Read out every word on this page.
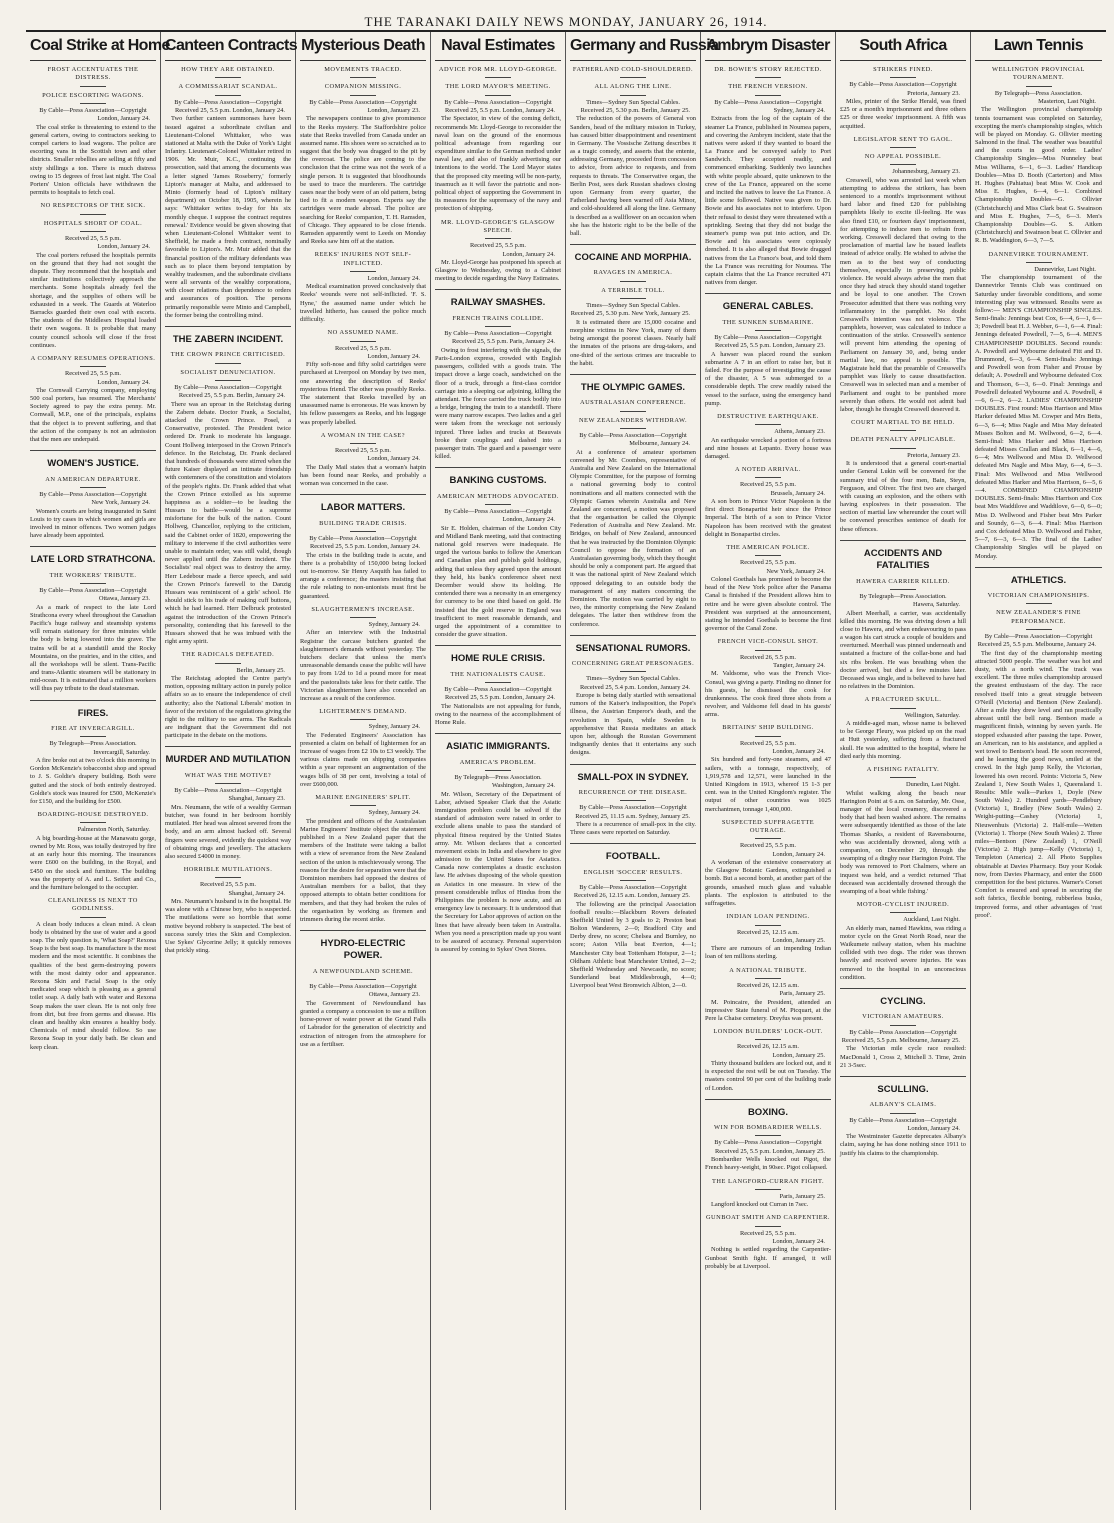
THE TARANAKI DAILY NEWS MONDAY, JANUARY 26, 1914.
Coal Strike at Home
FROST ACCENTUATES THE DISTRESS.
POLICE ESCORTING WAGONS.
By Cable—Press Association—Copyright
London, January 24.
The coal strike is threatening to extend to the general carters, owing to contractors seeking to compel carters to load wagons. The police are escorting vans in the Scottish town and other districts. Smaller rebellies are selling at fifty and sixty shillings a ton. There is much distress owing to 15 degrees of frost last night. The Coal Porters' Union officials have withdrawn the permits to hospitals to fetch coal.
NO RESPECTORS OF THE SICK.
HOSPITALS SHORT OF COAL.
Received 25, 5.5 p.m.
London, January 24.
The coal porters refused the hospitals permits on the ground that they had not sought the dispute. They recommend that the hospitals and similar institutions collectively approach the merchants. Some hospitals already feel the shortage, and the supplies of others will be exhausted in a week. The Guards at Waterloo Barracks guarded their own coal with escorts. The students of the Middlesex Hospital loaded their own wagons. It is probable that many county council schools will close if the frost continues.
A COMPANY RESUMES OPERATIONS.
Received 25, 5.5 p.m.
London, January 24.
The Cornwall Carrying company, employing 500 coal porters, has resumed. The Merchants' Society agreed to pay the extra penny. Mr. Cornwall, M.P., one of the principals, explains that the object is to prevent suffering, and that the action of the company is not an admission that the men are underpaid.
WOMEN'S JUSTICE.
AN AMERICAN DEPARTURE.
By Cable—Press Association—Copyright
New York, January 24.
Women's courts are being inaugurated in Saint Louis to try cases in which women and girls are involved in minor offences. Two women judges have already been appointed.
LATE LORD STRATHCONA.
THE WORKERS' TRIBUTE.
By Cable—Press Association—Copyright
Ottawa, January 23.
As a mark of respect to the late Lord Strathcona every wheel throughout the Canadian Pacific's huge railway and steamship systems will remain stationary for three minutes while the body is being lowered into the grave. The trains will be at a standstill amid the Rocky Mountains, on the prairies, and in the cities, and all the workshops will be silent. Trans-Pacific and trans-Atlantic steamers will be stationary in mid-ocean. It is estimated that a million workers will thus pay tribute to the dead statesman.
FIRES.
FIRE AT INVERCARGILL.
By Telegraph—Press Association.
Invercargill, Saturday.
A fire broke out at two o'clock this morning in Gordon McKenzie's tobacconist shop and spread to J. S. Goldie's drapery building. Both were gutted and the stock of both entirely destroyed. Goldie's stock was insured for £500, McKenzie's for £150, and the building for £500.
BOARDING-HOUSE DESTROYED.
Palmerston North, Saturday.
A big boarding-house at the Manawatu gorge, owned by Mr. Ross, was totally destroyed by fire at an early hour this morning. The insurances were £600 on the building, in the Royal, and £450 on the stock and furniture. The building was the property of A. and L. Seifert and Co., and the furniture belonged to the occupier.
CLEANLINESS IS NEXT TO GODLINESS.
A clean body induces a clean mind. A clean body is obtained by the use of water and a good soap. The only question is, 'What Soap?' Rexona Soap is the best soap. Its manufacture is the most modern and the most scientific. It combines the qualities of the best germ-destroying powers with the most dainty odor and appearance. Rexona Skin and Facial Soap is the only medicated soap which is pleasing as a general toilet soap. A daily bath with water and Rexona Soap makes the user clean. He is not only free from dirt, but free from germs and disease. His clean and healthy skin ensures a healthy body. Chemicals of mind should follow. So use Rexona Soap in your daily bath. Be clean and keep clean.
Canteen Contracts
HOW THEY ARE OBTAINED.
A COMMISSARIAT SCANDAL.
By Cable—Press Association—Copyright
Received 25, 5.5 p.m. London, January 24.
Two further canteen summonses have been issued against a subordinate civilian and Lieutenant-Colonel Whittaker, who was stationed at Malta with the Duke of York's Light Infantry. Lieutenant-Colonel Whittaker retired in 1906. Mr. Muir, K.C., continuing the prosecution, said that among the documents was a letter signed 'James Roseberry,' formerly Lipton's manager at Malta, and addressed to Minto (formerly head of Lipton's military department) on October 18, 1905, wherein he says: 'Whittaker writes to-day for his six monthly cheque. I suppose the contract requires renewal.' Evidence would be given showing that when Lieutenant-Colonel Whittaker went to Sheffield, he made a fresh contract, nominally favorable to Lipton's. Mr. Muir added that the financial position of the military defendants was such as to place them beyond temptation by wealthy tradesmen, and the subordinate civilians were all servants of the wealthy corporations, with closer relations than dependence to orders and assurances of position. The persons primarily responsible were Minto and Campbell, the former being the controlling mind.
THE ZABERN INCIDENT.
THE CROWN PRINCE CRITICISED.
SOCIALIST DENUNCIATION.
By Cable—Press Association—Copyright
Received 25, 5.5 p.m. Berlin, January 24.
There was an uproar in the Reichstag during the Zabern debate. Doctor Frank, a Socialist, attacked the Crown Prince. Posel, a Conservative, protested. The President twice ordered Dr. Frank to moderate his language. Count Hollweg interposed in the Crown Prince's defence. In the Reichstag, Dr. Frank declared that hundreds of thousands were stirred when the future Kaiser displayed an intimate friendship with contemners of the constitution and violators of the people's rights. Dr. Frank added that what the Crown Prince extolled as his supreme happiness as a soldier—to be leading the Hussars to battle—would be a supreme misfortune for the bulk of the nation. Count Hollweg, Chancellor, replying to the criticism, said the Cabinet order of 1820, empowering the military to intervene if the civil authorities were unable to maintain order, was still valid, though never applied until the Zabern incident. The Socialists' real object was to destroy the army. Herr Ledebour made a fierce speech, and said the Crown Prince's farewell to the Danzig Hussars was reminiscent of a girls' school. He should stick to his trade of making cuff buttons, which he had learned. Herr Delbruck protested against the introduction of the Crown Prince's personality, contending that his farewell to the Hussars showed that he was imbued with the right army spirit.
THE RADICALS DEFEATED.
Berlin, January 25.
The Reichstag adopted the Centre party's motion, opposing military action in purely police affairs so as to ensure the independence of civil authority; also the National Liberals' motion in favor of the revision of the regulations giving the right to the military to use arms. The Radicals are indignant that the Government did not participate in the debate on the motions.
MURDER AND MUTILATION
WHAT WAS THE MOTIVE?
By Cable—Press Association—Copyright
Shanghai, January 23.
Mrs. Neumann, the wife of a wealthy German butcher, was found in her bedroom horribly mutilated. Her head was almost severed from the body, and an arm almost hacked off. Several fingers were severed, evidently the quickest way of obtaining rings and jewellery. The attackers also secured £4000 in money.
HORRIBLE MUTILATIONS.
Received 25, 5.5 p.m.
Shanghai, January 24.
Mrs. Neumann's husband is in the hospital. He was alone with a Chinese boy, who is suspected. The mutilations were so horrible that some motive beyond robbery is suspected. The best of success surely tries the Skin and Complexion. Use Sykes' Glycerine Jelly; it quickly removes that prickly sting.
Mysterious Death
MOVEMENTS TRACED.
COMPANION MISSING.
By Cable—Press Association—Copyright
London, January 23.
The newspapers continue to give prominence to the Reeks mystery. The Staffordshire police state that Reeks travelled from Canada under an assumed name. His shoes were so scratched as to suggest that the body was dragged to the pit by the overcoat. The police are coming to the conclusion that the crime was not the work of a single person. It is suggested that bloodhounds be used to trace the murderers. The cartridge cases near the body were of an old pattern, being tied to fit a modern weapon. Experts say the cartridges were made abroad. The police are searching for Reeks' companion, T. H. Ramsden, of Chicago. They appeared to be close friends. Ramsden apparently went to Leeds on Monday and Reeks saw him off at the station.
REEKS' INJURIES NOT SELF-INFLICTED.
London, January 24.
Medical examination proved conclusively that Reeks' wounds were not self-inflicted. 'F. S. Hyne,' the assumed name under which he travelled hitherto, has caused the police much difficulty.
NO ASSUMED NAME.
Received 25, 5.5 p.m.
London, January 24.
Fifty soft-nose and fifty solid cartridges were purchased at Liverpool on Monday by two men, one answering the description of Reeks' mysterious friend. The other was possibly Reeks. The statement that Reeks travelled by an unassumed name is erroneous. He was known by his fellow passengers as Reeks, and his luggage was properly labelled.
A WOMAN IN THE CASE?
Received 25, 5.5 p.m.
London, January 24.
The Daily Mail states that a woman's hatpin has been found near Reeks, and probably a woman was concerned in the case.
LABOR MATTERS.
BUILDING TRADE CRISIS.
By Cable—Press Association—Copyright
Received 25, 5.5 p.m. London, January 24.
The crisis in the building trade is acute, and there is a probability of 150,000 being locked out to-morrow. Sir Henry Asquith has failed to arrange a conference; the masters insisting that the rule relating to non-unionists must first be guaranteed.
SLAUGHTERMEN'S INCREASE.
Sydney, January 24.
After an interview with the Industrial Registrar the carcase butchers granted the slaughtermen's demands without yesterday. The butchers declare that unless the men's unreasonable demands cease the public will have to pay from 1/2d to 1d a pound more for meat and the pastoralists take less for their cattle. The Victorian slaughtermen have also conceded an increase as a result of the conference.
LIGHTERMEN'S DEMAND.
Sydney, January 24.
The Federated Engineers' Association has presented a claim on behalf of lightermen for an increase of wages from £2 10s to £3 weekly. The various claims made on shipping companies within a year represent an augmentation of the wages bills of 38 per cent, involving a total of over £600,000.
MARINE ENGINEERS' SPLIT.
Sydney, January 24.
The president and officers of the Australasian Marine Engineers' Institute object the statement published in a New Zealand paper that the members of the Institute were taking a ballot with a view of severance from the New Zealand section of the union is mischievously wrong. The reasons for the desire for separation were that the Dominion members had opposed the desires of Australian members for a ballot, that they opposed attempts to obtain better conditions for members, and that they had broken the rules of the organisation by working as firemen and trimmers during the recent strike.
HYDRO-ELECTRIC POWER.
A NEWFOUNDLAND SCHEME.
By Cable—Press Association—Copyright
Ottawa, January 23.
The Government of Newfoundland has granted a company a concession to use a million horse-power of water power at the Grand Falls of Labrador for the generation of electricity and extraction of nitrogen from the atmosphere for use as a fertiliser.
Naval Estimates
ADVICE FOR MR. LLOYD-GEORGE.
THE LORD MAYOR'S MEETING.
By Cable—Press Association—Copyright
Received 25, 5.5 p.m. London, January 24.
The Spectator, in view of the coming deficit, recommends Mr. Lloyd-George to reconsider the naval loan on the ground of the enormous political advantage from regarding our expenditure similar to the German method under naval law, and also of frankly advertising our intentions to the world. The Lord Mayor states that the proposed city meeting will be non-party, inasmuch as it will favor the patriotic and non-political object of supporting the Government in its measures for the supremacy of the navy and protection of shipping.
MR. LLOYD-GEORGE'S GLASGOW SPEECH.
Received 25, 5.5 p.m.
London, January 24.
Mr. Lloyd-George has postponed his speech at Glasgow to Wednesday, owing to a Cabinet meeting to decide regarding the Navy Estimates.
RAILWAY SMASHES.
FRENCH TRAINS COLLIDE.
By Cable—Press Association—Copyright
Received 25, 5.5 p.m. Paris, January 24.
Owing to frost interfering with the signals, the Paris-London express, crowded with English passengers, collided with a goods train. The impact drove a large coach, sandwiched on the floor of a truck, through a first-class corridor carriage into a sleeping car adjoining, killing the attendant. The force carried the truck bodily into a bridge, bringing the train to a standstill. There were many narrow escapes. Two ladies and a girl were taken from the wreckage not seriously injured. Three ladies and trucks at Beauvais broke their couplings and dashed into a passenger train. The guard and a passenger were killed.
BANKING CUSTOMS.
AMERICAN METHODS ADVOCATED.
By Cable—Press Association—Copyright
London, January 24.
Sir E. Holden, chairman of the London City and Midland Bank meeting, said that contracting national gold reserves were inadequate. He urged the various banks to follow the American and Canadian plan and publish gold holdings, adding that unless they agreed upon the amount they held, his bank's conference sheet next December would show its holding. He contended there was a necessity in an emergency for currency to be one third based on gold. He insisted that the gold reserve in England was insufficient to meet reasonable demands, and urged the appointment of a committee to consider the grave situation.
HOME RULE CRISIS.
THE NATIONALISTS CAUSE.
By Cable—Press Association—Copyright
Received 25, 5.5 p.m. London, January 24.
The Nationalists are not appealing for funds, owing to the nearness of the accomplishment of Home Rule.
ASIATIC IMMIGRANTS.
AMERICA'S PROBLEM.
By Telegraph—Press Association.
Washington, January 24.
Mr. Wilson, Secretary of the Department of Labor, advised Speaker Clark that the Asiatic immigration problem could be solved if the standard of admission were raised in order to exclude aliens unable to pass the standard of physical fitness required by the United States army. Mr. Wilson declares that a concerted movement exists in India and elsewhere to give admission to the United States for Asiatics. Canada now contemplates a drastic exclusion law. He advises disposing of the whole question as Asiatics in one measure. In view of the present considerable influx of Hindus from the Philippines the problem is now acute, and an emergency law is necessary. It is understood that the Secretary for Labor approves of action on the lines that have already been taken in Australia. When you need a prescription made up you want to be assured of accuracy. Personal supervision is assured by coming to Sykes' Own Stores.
Germany and Russia
FATHERLAND COLD-SHOULDERED.
ALL ALONG THE LINE.
Times—Sydney Sun Special Cables.
Received 25, 5.30 p.m. Berlin, January 25.
The reduction of the powers of General von Sanders, head of the military mission in Turkey, has caused bitter disappointment and resentment in Germany. The Vossische Zeitung describes it as a tragic comedy, and asserts that the entente, addressing Germany, proceeded from concession to advice, from advice to requests, and from requests to threats. The Conservative organ, the Berlin Post, sees dark Russian shadows closing upon Germany from every quarter, the Fatherland having been warned off Asia Minor, and cold-shouldered all along the line. Germany is described as a wallflower on an occasion when she has the historic right to be the belle of the ball.
COCAINE AND MORPHIA.
RAVAGES IN AMERICA.
A TERRIBLE TOLL.
Times—Sydney Sun Special Cables.
Received 25, 5.30 p.m. New York, January 25.
It is estimated there are 15,000 cocaine and morphine victims in New York, many of them being amongst the poorest classes. Nearly half the inmates of the prisons are drug-takers, and one-third of the serious crimes are traceable to the habit.
THE OLYMPIC GAMES.
AUSTRALASIAN CONFERENCE.
NEW ZEALANDERS WITHDRAW.
By Cable—Press Association—Copyright
Melbourne, January 24.
At a conference of amateur sportsmen convened by Mr. Coombes, representative of Australia and New Zealand on the International Olympic Committee, for the purpose of forming a national governing body to control nominations and all matters connected with the Olympic Games wherein Australia and New Zealand are concerned, a motion was proposed that the organisation be called the Olympic Federation of Australia and New Zealand. Mr. Bridges, on behalf of New Zealand, announced that he was instructed by the Dominion Olympic Council to oppose the formation of an Australasian governing body, which they thought should be only a component part. He argued that it was the national spirit of New Zealand which opposed delegating to an outside body the management of any matters concerning the Dominion. The motion was carried by eight to two, the minority comprising the New Zealand delegates. The latter then withdrew from the conference.
SENSATIONAL RUMORS.
CONCERNING GREAT PERSONAGES.
Times—Sydney Sun Special Cables.
Received 25, 5.4 p.m. London, January 24.
Europe is being daily startled with sensational rumors of the Kaiser's indisposition, the Pope's illness, the Austrian Emperor's death, and the revolution in Spain, while Sweden is apprehensive that Russia meditates an attack upon her, although the Russian Government indignantly denies that it entertains any such designs.
SMALL-POX IN SYDNEY.
RECURRENCE OF THE DISEASE.
By Cable—Press Association—Copyright
Received 25, 11.15 a.m. Sydney, January 25.
There is a recurrence of small-pox in the city. Three cases were reported on Saturday.
FOOTBALL.
ENGLISH 'SOCCER' RESULTS.
By Cable—Press Association—Copyright
Received 26, 12.15 a.m. London, January 25.
The following are the principal Association football results:—Blackburn Rovers defeated Sheffield United by 3 goals to 2; Preston beat Bolton Wanderers, 2—0; Bradford City and Derby drew, no score; Chelsea and Burnley, no score; Aston Villa beat Everton, 4—1; Manchester City beat Tottenham Hotspur, 2—1; Oldham Athletic beat Manchester United, 2—2; Sheffield Wednesday and Newcastle, no score; Sunderland beat Middlesbrough, 4—0; Liverpool beat West Bromwich Albion, 2—0.
Ambrym Disaster
DR. BOWIE'S STORY REJECTED.
THE FRENCH VERSION.
By Cable—Press Association—Copyright
Sydney, January 24.
Extracts from the log of the captain of the steamer La France, published in Noumea papers, and covering the Ambrym incident, state that the natives were asked if they wanted to board the La France and be conveyed safely to Port Sandwich. They accepted readily, and commenced embarking. Suddenly two launches with white people aboard, quite unknown to the crew of the La France, appeared on the scene and incited the natives to leave the La France. A little scene followed. Native was given to Dr. Bowie and his associates not to interfere. Upon their refusal to desist they were threatened with a sprinkling. Seeing that they did not budge the steamer's pump was put into action, and Dr. Bowie and his associates were copiously drenched. It is also alleged that Bowie dragged natives from the La France's boat, and told them the La France was recruiting for Noumea. The captain claims that the La France recruited 471 natives from danger.
GENERAL CABLES.
THE SUNKEN SUBMARINE.
By Cable—Press Association—Copyright
Received 25, 5.5 p.m. London, January 23.
A hawser was placed round the sunken submarine A 7 in an effort to raise her, but it failed. For the purpose of investigating the cause of the disaster, A 5 was submerged to a considerable depth. The crew readily raised the vessel to the surface, using the emergency hand pump.
DESTRUCTIVE EARTHQUAKE.
Athens, January 23.
An earthquake wrecked a portion of a fortress and nine houses at Lepanto. Every house was damaged.
A NOTED ARRIVAL.
Received 25, 5.5 p.m.
Brussels, January 24.
A son born to Prince Victor Napoleon is the first direct Bonapartist heir since the Prince Imperial. The birth of a son to Prince Victor Napoleon has been received with the greatest delight in Bonapartist circles.
THE AMERICAN POLICE.
Received 25, 5.5 p.m.
New York, January 24.
Colonel Goethals has promised to become the head of the New York police after the Panama Canal is finished if the President allows him to retire and he were given absolute control. The President was surprised at the announcement, stating he intended Goethals to become the first governor of the Canal Zone.
FRENCH VICE-CONSUL SHOT.
Received 26, 5.5 p.m.
Tangier, January 24.
M. Valdsome, who was the French Vice-Consul, was giving a party. Finding no dinner for his guests, he dismissed the cook for drunkenness. The cook fired three shots from a revolver, and Valdsome fell dead in his guests' arms.
BRITAINS' SHIP BUILDING.
Received 25, 5.5 p.m.
London, January 24.
Six hundred and forty-one steamers, and 47 sailers, with a tonnage, respectively, of 1,919,578 and 12,571, were launched in the United Kingdom in 1913, whereof 15 1-3 per cent. was in the United Kingdom's register. The output of other countries was 1025 merchantmen, tonnage 1,400,000.
SUSPECTED SUFFRAGETTE OUTRAGE.
Received 25, 5.5 p.m.
London, January 24.
A workman of the extensive conservatory at the Glasgow Botanic Gardens, extinguished a bomb. But a second bomb, at another part of the grounds, smashed much glass and valuable plants. The explosion is attributed to the suffragettes.
INDIAN LOAN PENDING.
Received 25, 12.15 a.m.
London, January 25.
There are rumours of an impending Indian loan of ten millions sterling.
A NATIONAL TRIBUTE.
Received 26, 12.15 a.m.
Paris, January 25.
M. Poincaire, the President, attended an impressive State funeral of M. Picquart, at the Pere la Chaise cemetery. Dreyfus was present.
LONDON BUILDERS' LOCK-OUT.
Received 26, 12.15 a.m.
London, January 25.
Thirty thousand builders are locked out, and it is expected the rest will be out on Tuesday. The masters control 90 per cent of the building trade of London.
BOXING.
WIN FOR BOMBARDIER WELLS.
By Cable—Press Association—Copyright
Received 25, 5.5 p.m. London, January 25.
Bombardier Wells knocked out Pigot, the French heavy-weight, in 90sec. Pigot collapsed.
THE LANGFORD-CURRAN FIGHT.
Paris, January 25.
Langford knocked out Curran in 7sec.
GUNBOAT SMITH AND CARPENTIER.
Received 25, 5.5 p.m.
London, January 24.
Nothing is settled regarding the Carpentier-Gunboat Smith fight. If arranged, it will probably be at Liverpool.
South Africa
STRIKERS FINED.
By Cable—Press Association—Copyright
Pretoria, January 23.
Miles, printer of the Strike Herald, was fined £25 or a month's imprisonment and three others £25 or three weeks' imprisonment. A fifth was acquitted.
LEGISLATOR SENT TO GAOL.
NO APPEAL POSSIBLE.
Johannesburg, January 23.
Cresswell, who was arrested last week when attempting to address the strikers, has been sentenced to a month's imprisonment without hard labor and fined £20 for publishing pamphlets likely to excite ill-feeling. He was also fined £10, or fourteen days' imprisonment, for attempting to induce men to refrain from working. Cresswell declared that owing to the proclamation of martial law he issued leaflets instead of advice orally. He wished to advise the men as to the best way of conducting themselves, especially in preserving public violence. He would always advise the men that once they had struck they should stand together and be loyal to one another. The Crown Prosecutor admitted that there was nothing very inflammatory in the pamphlet. No doubt Cresswell's intention was not violence. The pamphlets, however, was calculated to induce a continuation of the strike. Cresswell's sentence will prevent him attending the opening of Parliament on January 30, and, being under martial law, no appeal is possible. The Magistrate held that the preamble of Cresswell's pamphlet was likely to cause dissatisfaction. Cresswell was in selected man and a member of Parliament and ought to be punished more severely than others. He would not admit bad labor, though he thought Cresswell deserved it.
COURT MARTIAL TO BE HELD.
DEATH PENALTY APPLICABLE.
Pretoria, January 23.
It is understood that a general court-martial under General Lukin will be convened for the summary trial of the four men, Bain, Steyn, Ferguson, and Oliver. The first two are charged with causing an explosion, and the others with having explosives in their possession. The section of martial law whereunder the court will be convened prescribes sentence of death for these offences.
ACCIDENTS AND FATALITIES
HAWERA CARRIER KILLED.
By Telegraph—Press Association.
Hawera, Saturday.
Albert Meerhall, a carrier, was accidentally killed this morning. He was driving down a hill close to Hawera, and when endeavouring to pass a wagon his cart struck a couple of boulders and overturned. Meerhall was pinned underneath and sustained a fracture of the collar-bone and had six ribs broken. He was breathing when the doctor arrived, but died a few minutes later. Deceased was single, and is believed to have had no relatives in the Dominion.
A FRACTURED SKULL.
Wellington, Saturday.
A middle-aged man, whose name is believed to be George Fleury, was picked up on the road at Hutt yesterday, suffering from a fractured skull. He was admitted to the hospital, where he died early this morning.
A FISHING FATALITY.
Dunedin, Last Night.
Whilst walking along the beach near Harington Point at 6 a.m. on Saturday, Mr. Osse, manager of the local creamery, discovered a body that had been washed ashore. The remains were subsequently identified as those of the late Thomas Shanks, a resident of Ravensbourne, who was accidentally drowned, along with a companion, on December 29, through the swamping of a dinghy near Harington Point. The body was removed to Port Chalmers, where an inquest was held, and a verdict returned 'That deceased was accidentally drowned through the swamping of a boat while fishing.'
MOTOR-CYCLIST INJURED.
Auckland, Last Night.
An elderly man, named Hawkins, was riding a motor cycle on the Great North Road, near the Waikumete railway station, when his machine collided with two dogs. The rider was thrown heavily and received severe injuries. He was removed to the hospital in an unconscious condition.
CYCLING.
VICTORIAN AMATEURS.
By Cable—Press Association—Copyright
Received 25, 5.5 p.m. Melbourne, January 25.
The Victorian mile cycle race resulted: MacDonald 1, Cross 2, Mitchell 3. Time, 2min 21 3-5sec.
SCULLING.
ALBANY'S CLAIMS.
By Cable—Press Association—Copyright
London, January 24.
The Westminster Gazette deprecates Albany's claim, saying he has done nothing since 1911 to justify his claims to the championship.
Lawn Tennis
WELLINGTON PROVINCIAL TOURNAMENT.
By Telegraph—Press Association.
Masterton, Last Night.
The Wellington provincial championship tennis tournament was completed on Saturday, excepting the men's championship singles, which will be played on Monday. G. Ollivier meeting Salmond in the final. The weather was beautiful and the courts in good order. Ladies' Championship Singles—Miss Nunneley beat Miss Williams, 6—1, 6—3. Ladies' Handicap Doubles—Miss D. Booth (Carterton) and Miss H. Hughes (Pahiatua) beat Miss W. Cook and Miss E. Hughes, 6—4, 6—1. Combined Championship Doubles—G. Ollivier (Christchurch) and Miss Clark beat G. Swainson and Miss E. Hughes, 7—5, 6—3. Men's Championship Doubles—G. S. Aitken (Christchurch) and Swainson beat C. Ollivier and R. B. Waddington, 6—3, 7—5.
DANNEVIRKE TOURNAMENT.
Dannevirke, Last Night.
The championship tournament of the Dannevirke Tennis Club was continued on Saturday under favorable conditions, and some interesting play was witnessed. Results were as follow:— MEN'S CHAMPIONSHIP SINGLES. Semi-finals: Jennings beat Cox, 6—4, 6—1, 6—3; Powdrell beat H. J. Webber, 6—1, 6—4. Final: Jennings defeated Powdrell, 7—5, 6—4. MEN'S CHAMPIONSHIP DOUBLES. Second rounds: A. Powdrell and Wybourne defeated Fitt and D. Drummond, 6—3, 6—4. Semi-finals: Jennings and Powdrell won from Fisher and Prouse by default; A. Powdrell and Wybourne defeated Cox and Thomson, 6—3, 6—0. Final: Jennings and Powdrell defeated Wybourne and A. Powdrell, 4—6, 6—2, 6—2. LADIES' CHAMPIONSHIP DOUBLES. First round: Miss Harrison and Miss Harker defeated Miss M. Cowper and Mrs Betts, 6—3, 6—4; Miss Nagle and Miss May defeated Misses Bolton and M. Wellwood, 6—2, 6—4. Semi-final: Miss Harker and Miss Harrison defeated Misses Crallan and Black, 6—1, 4—6, 6—4; Mrs Wellwood and Miss D. Wellwood defeated Mrs Nagle and Miss May, 6—4, 6—3. Final: Mrs Wellwood and Miss Wellwood defeated Miss Harker and Miss Harrison, 6—5, 6—4. COMBINED CHAMPIONSHIP DOUBLES. Semi-finals: Miss Harrison and Cox beat Mrs Waddilove and Waddilove, 6—0, 6—0; Miss D. Wellwood and Fisher beat Mrs Parker and Soundy, 6—3, 6—4. Final: Miss Harrison and Cox defeated Miss D. Wellwood and Fisher, 5—7, 6—3, 6—3. The final of the Ladies' Championship Singles will be played on Monday.
ATHLETICS.
VICTORIAN CHAMPIONSHIPS.
NEW ZEALANDER'S FINE PERFORMANCE.
By Cable—Press Association—Copyright
Received 25, 5.5 p.m. Melbourne, January 24.
The first day of the championship meeting attracted 5000 people. The weather was hot and dusty, with a north wind. The track was excellent. The three miles championship aroused the greatest enthusiasm of the day. The race resolved itself into a great struggle between O'Neill (Victoria) and Bentson (New Zealand). After a mile they drew level and ran practically abreast until the bell rang. Bentson made a magnificent finish, winning by seven yards. He stopped exhausted after passing the tape. Power, an American, ran to his assistance, and applied a wet towel to Bentson's head. He soon recovered, and he learning the good news, smiled at the crowd. In the high jump Kelly, the Victorian, lowered his own record. Points: Victoria 5, New Zealand 1, New South Wales 1, Queensland 1. Results: Mile walk—Parkes 1, Doyle (New South Wales) 2. Hundred yards—Pendlebury (Victoria) 1, Bradley (New South Wales) 2. Weight-putting—Cashey (Victoria) 1, Nieuwenhuis (Victoria) 2. Half-mile—Wetten (Victoria) 1. Thorpe (New South Wales) 2. Three miles—Bentson (New Zealand) 1, O'Neill (Victoria) 2. High jump—Kelly (Victoria) 1, Templeton (America) 2. All Photo Supplies obtainable at Davies Pharmacy. Buy your Kodak now, from Davies Pharmacy, and enter the £600 competition for the best pictures. Warner's Corset Comfort is ensured and spread in securing the soft fabrics, flexible boning, rubberless busks, improved forms, and other advantages of 'rust proof'.
